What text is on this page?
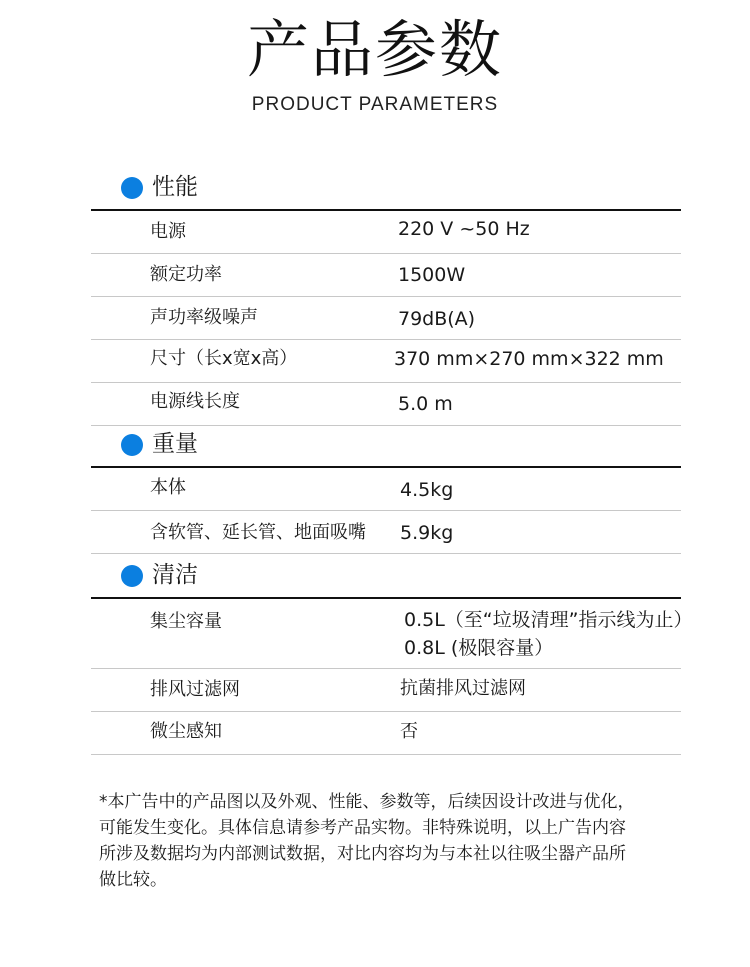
产品参数
PRODUCT PARAMETERS
性能
电源	220 V ~50 Hz
额定功率	1500W
声功率级噪声	79dB(A)
尺寸（长x宽x高）	370 mm×270 mm×322 mm
电源线长度	5.0 m
重量
本体	4.5kg
含软管、延长管、地面吸嘴 5.9kg
清洁
集尘容量	0.5L（至“垃圾清理”指示线为止）
0.8L (极限容量）
排风过滤网	抗菌排风过滤网
微尘感知	否
*本广告中的产品图以及外观、性能、参数等，后续因设计改进与优化，
可能发生变化。具体信息请参考产品实物。非特殊说明，以上广告内容
所涉及数据均为内部测试数据，对比内容均为与本社以往吸尘器产品所
做比较。
